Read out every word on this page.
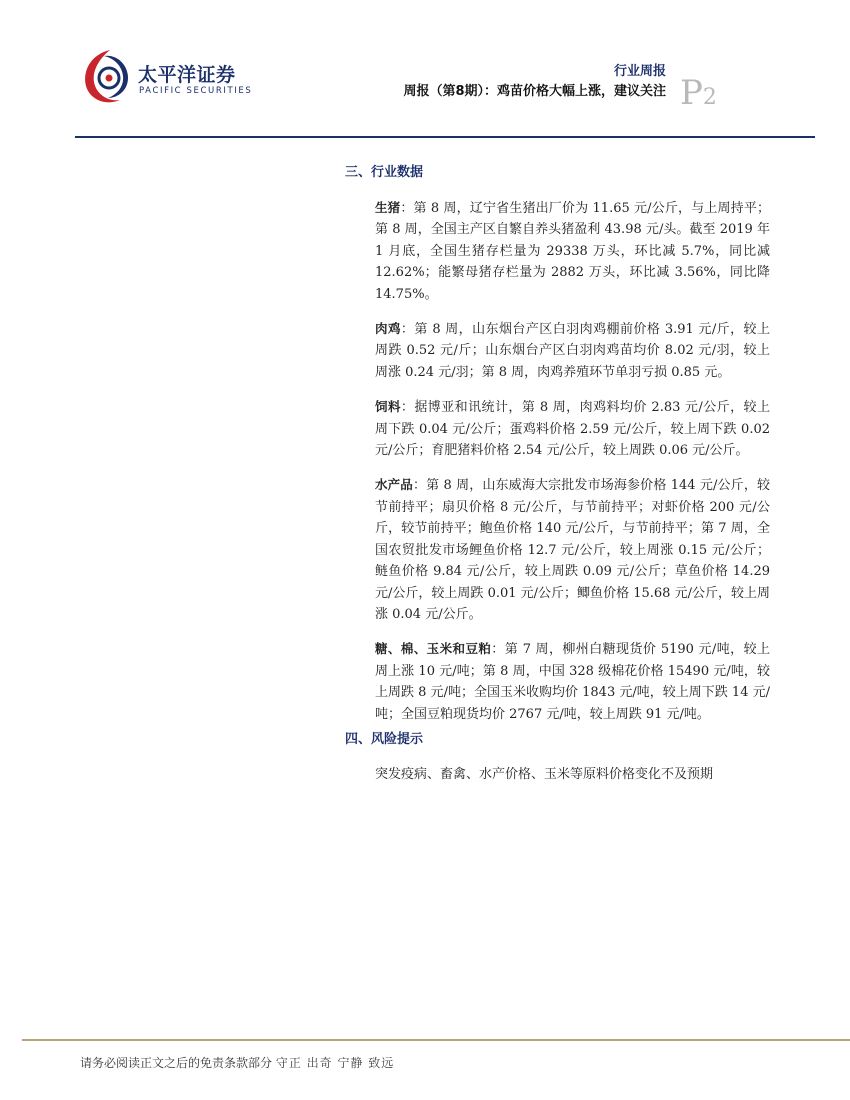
太平洋证券
PACIFIC SECURITIES
行业周报
周报（第8期）：鸡苗价格大幅上涨，建议关注 P2
三、行业数据

生猪：第 8 周，辽宁省生猪出厂价为 11.65 元/公斤，与上周持平；第 8 周，全国主产区自繁自养头猪盈利 43.98 元/头。截至 2019 年 1 月底，全国生猪存栏量为 29338 万头，环比减 5.7%，同比减 12.62%；能繁母猪存栏量为 2882 万头，环比减 3.56%，同比降 14.75%。

肉鸡：第 8 周，山东烟台产区白羽肉鸡棚前价格 3.91 元/斤，较上周跌 0.52 元/斤；山东烟台产区白羽肉鸡苗均价 8.02 元/羽，较上周涨 0.24 元/羽；第 8 周，肉鸡养殖环节单羽亏损 0.85 元。

饲料：据博亚和讯统计，第 8 周，肉鸡料均价 2.83 元/公斤，较上周下跌 0.04 元/公斤；蛋鸡料价格 2.59 元/公斤，较上周下跌 0.02 元/公斤；育肥猪料价格 2.54 元/公斤，较上周跌 0.06 元/公斤。

水产品：第 8 周，山东威海大宗批发市场海参价格 144 元/公斤，较节前持平；扇贝价格 8 元/公斤，与节前持平；对虾价格 200 元/公斤，较节前持平；鲍鱼价格 140 元/公斤，与节前持平；第 7 周，全国农贸批发市场鲤鱼价格 12.7 元/公斤，较上周涨 0.15 元/公斤；鲢鱼价格 9.84 元/公斤，较上周跌 0.09 元/公斤；草鱼价格 14.29 元/公斤，较上周跌 0.01 元/公斤；鲫鱼价格 15.68 元/公斤，较上周涨 0.04 元/公斤。

糖、棉、玉米和豆粕：第 7 周，柳州白糖现货价 5190 元/吨，较上周上涨 10 元/吨；第 8 周，中国 328 级棉花价格 15490 元/吨，较上周跌 8 元/吨；全国玉米收购均价 1843 元/吨，较上周下跌 14 元/吨；全国豆粕现货均价 2767 元/吨，较上周跌 91 元/吨。

四、风险提示

突发疫病、畜禽、水产价格、玉米等原料价格变化不及预期

请务必阅读正文之后的免责条款部分 守正 出奇 宁静 致远
